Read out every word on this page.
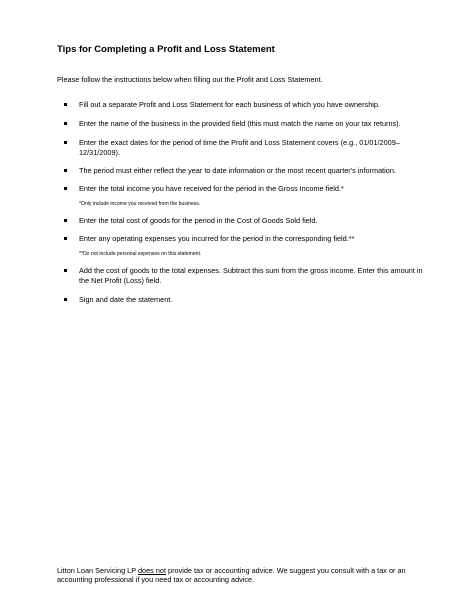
Tips for Completing a Profit and Loss Statement
Please follow the instructions below when filling out the Profit and Loss Statement.
Fill out a separate Profit and Loss Statement for each business of which you have ownership.
Enter the name of the business in the provided field (this must match the name on your tax returns).
Enter the exact dates for the period of time the Profit and Loss Statement covers (e.g., 01/01/2009– 12/31/2009).
The period must either reflect the year to date information or the most recent quarter's information.
Enter the total income you have received for the period in the Gross Income field.*
*Only include income you received from the business.
Enter the total cost of goods for the period in the Cost of Goods Sold field.
Enter any operating expenses you incurred for the period in the corresponding field.**
**Do not include personal expenses on this statement.
Add the cost of goods to the total expenses. Subtract this sum from the gross income. Enter this amount in the Net Profit (Loss) field.
Sign and date the statement.
Litton Loan Servicing LP does not provide tax or accounting advice. We suggest you consult with a tax or an accounting professional if you need tax or accounting advice.
